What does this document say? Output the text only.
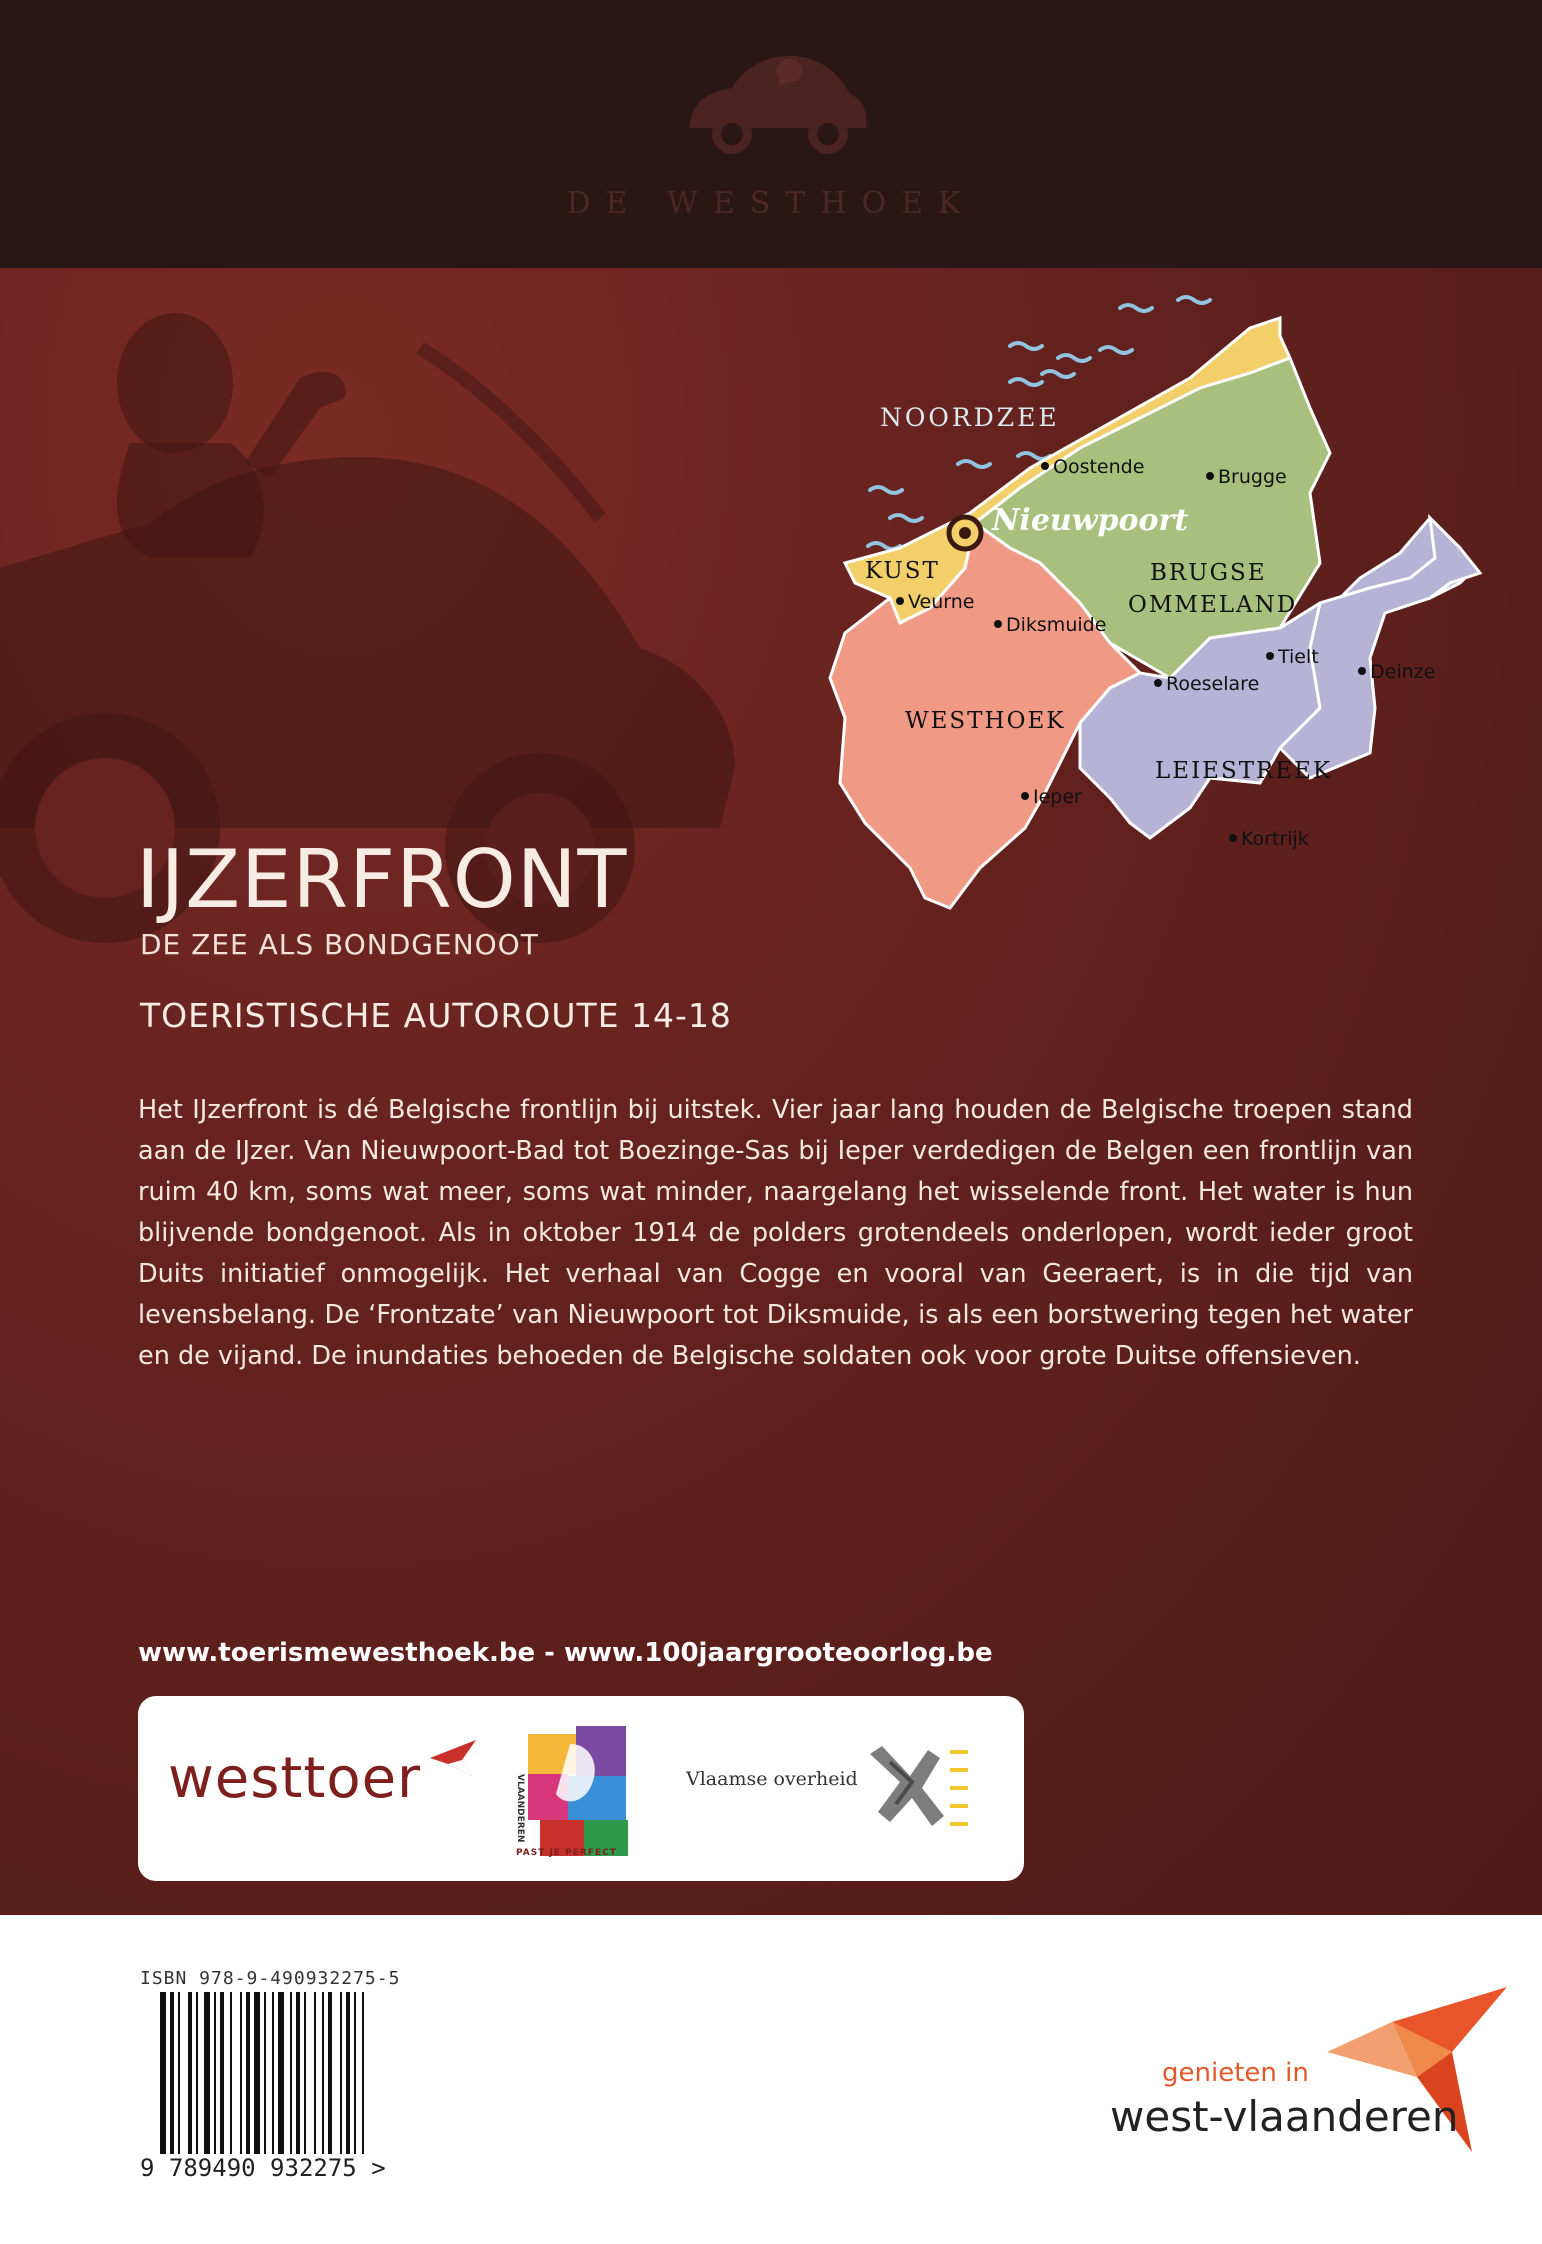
DE WESTHOEK
NOORDZEE
KUST	BRUGSE
OMMELAND
WESTHOEK
LEIESTREEK
Nieuwpoort
Oostende	Brugge
Veurne
Diksmuide
Tielt
Deinze
Roeselare
Ieper
Kortrijk
IJZERFRONT
DE ZEE ALS BONDGENOOT
TOERISTISCHE AUTOROUTE 14-18
Het IJzerfront is dé Belgische frontlijn bij uitstek. Vier jaar lang houden de Belgische troepen stand aan de IJzer. Van Nieuwpoort-Bad tot Boezinge-Sas bij Ieper verdedigen de Belgen een frontlijn van ruim 40 km, soms wat meer, soms wat minder, naargelang het wisselende front. Het water is hun blijvende bondgenoot. Als in oktober 1914 de polders grotendeels onderlopen, wordt ieder groot Duits initiatief onmogelijk. Het verhaal van Cogge en vooral van Geeraert, is in die tijd van levensbelang. De ‘Frontzate’ van Nieuwpoort tot Diksmuide, is als een borstwering tegen het water en de vijand. De inundaties behoeden de Belgische soldaten ook voor grote Duitse offensieven.
www.toerismewesthoek.be - www.100jaargrooteoorlog.be
westtoer	VLAANDEREN
PAST JE PERFECT
Vlaamse overheid
ISBN 978-9-490932275-5
9 789490 932275 >
genieten in
west-vlaanderen
